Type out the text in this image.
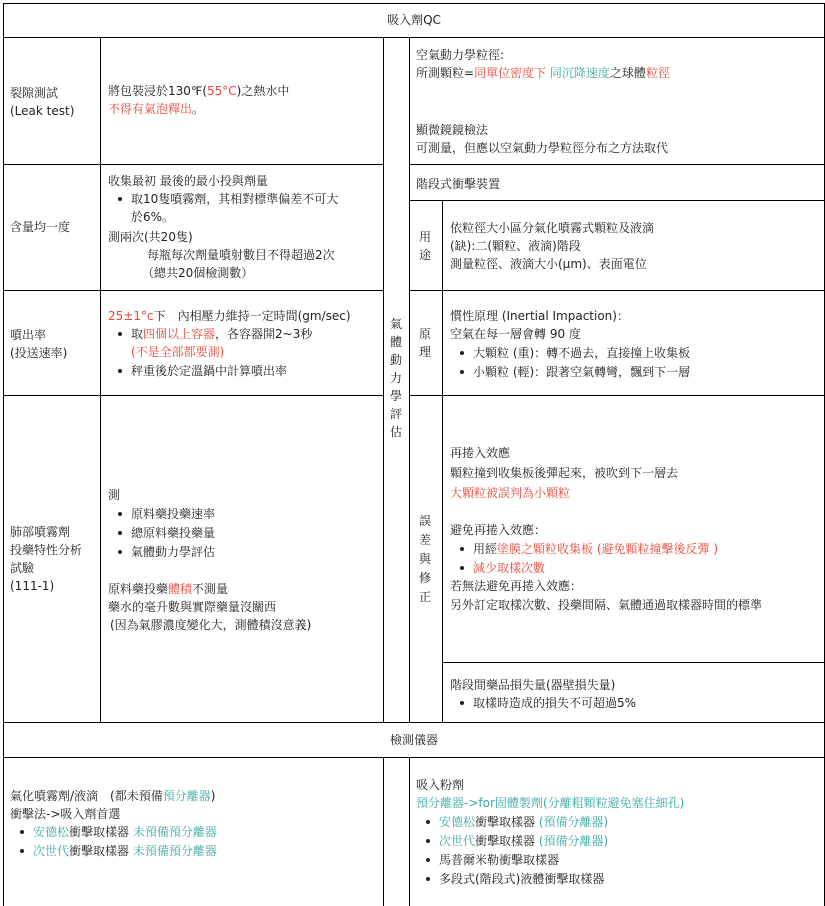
吸入劑QC
裂隙測試
(Leak test)
將包裝浸於130℉(55°C)之熱水中
不得有氣泡釋出。
含量均一度
收集最初 最後的最小投與劑量
取10隻噴霧劑，其相對標準偏差不可大
於6%。
測兩次(共20隻)
每瓶每次劑量噴射數目不得超過2次
（總共20個檢測數）
噴出率
(投送速率)
25±1°c下　內相壓力維持一定時間(gm/sec)
取四個以上容器，各容器開2~3秒
(不是全部都要測)
秤重後於定溫鍋中計算噴出率
肺部噴霧劑
投藥特性分析
試驗
(111-1)
測
原料藥投藥速率
總原料藥投藥量
氣體動力學評估
原料藥投藥體積不測量
藥水的毫升數與實際藥量沒關西
(因為氣膠濃度變化大，測體積沒意義)
氣
體
動
力
學
評
估
空氣動力學粒徑:
所測顆粒=同單位密度下 同沉降速度之球體粒徑
顯微鏡鏡檢法
可測量，但應以空氣動力學粒徑分布之方法取代
階段式衝擊裝置
用
途
依粒徑大小區分氣化噴霧式顆粒及液滴
(缺):二(顆粒、液滴)階段
測量粒徑、液滴大小(μm)、表面電位
原
理
慣性原理 (Inertial Impaction)：
空氣在每一層會轉 90 度
大顆粒 (重)：轉不過去，直接撞上收集板
小顆粒 (輕)：跟著空氣轉彎，飄到下一層
誤
差
與
修
正
再捲入效應
顆粒撞到收集板後彈起來，被吹到下一層去
大顆粒被誤判為小顆粒
避免再捲入效應：
用經塗膜之顆粒收集板 (避免顆粒撞擊後反彈 )
減少取樣次數
若無法避免再捲入效應：
另外訂定取樣次數、投藥間隔、氣體通過取樣器時間的標準
階段間藥品損失量(器壁損失量)
取樣時造成的損失不可超過5%
檢測儀器
氣化噴霧劑/液滴　(都未預備預分離器)
衝擊法->吸入劑首選
安德松衝擊取樣器 未預備預分離器
次世代衝擊取樣器 未預備預分離器
吸入粉劑
預分離器->for固體製劑(分離粗顆粒避免塞住細孔)
安德松衝擊取樣器 (預備分離器)
次世代衝擊取樣器 (預備分離器)
馬普爾米勒衝擊取樣器
多段式(階段式)液體衝擊取樣器
